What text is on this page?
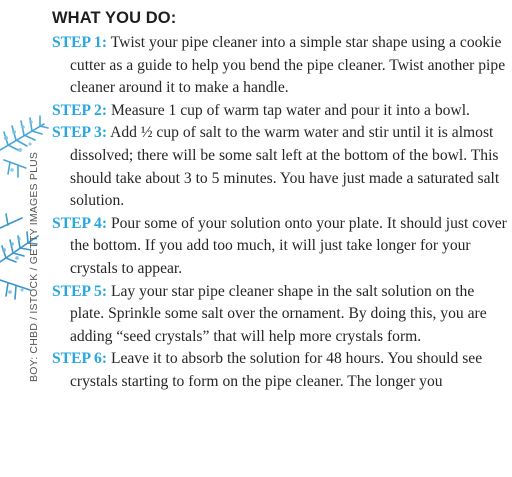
BOY: CHBD / ISTOCK / GETTY IMAGES PLUS
WHAT YOU DO:
STEP 1: Twist your pipe cleaner into a simple star shape using a cookie cutter as a guide to help you bend the pipe cleaner. Twist another pipe cleaner around it to make a handle.
STEP 2: Measure 1 cup of warm tap water and pour it into a bowl.
STEP 3: Add ½ cup of salt to the warm water and stir until it is almost dissolved; there will be some salt left at the bottom of the bowl. This should take about 3 to 5 minutes. You have just made a saturated salt solution.
STEP 4: Pour some of your solution onto your plate. It should just cover the bottom. If you add too much, it will just take longer for your crystals to appear.
STEP 5: Lay your star pipe cleaner shape in the salt solution on the plate. Sprinkle some salt over the ornament. By doing this, you are adding “seed crystals” that will help more crystals form.
STEP 6: Leave it to absorb the solution for 48 hours. You should see crystals starting to form on the pipe cleaner. The longer you
